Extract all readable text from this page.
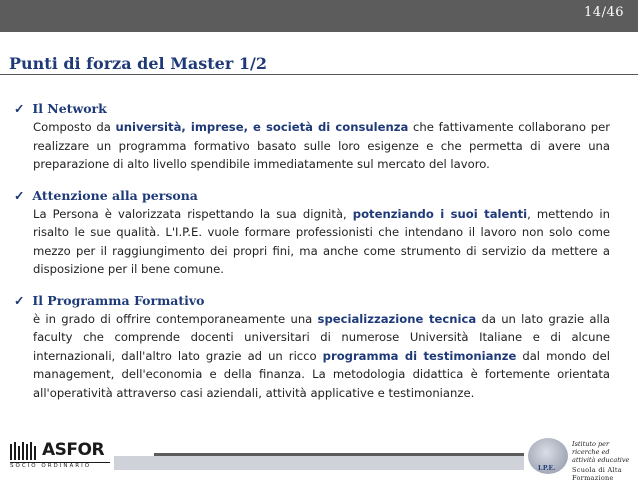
14/46
Punti di forza del Master 1/2
✓ Il Network
Composto da università, imprese, e società di consulenza che fattivamente collaborano per realizzare un programma formativo basato sulle loro esigenze e che permetta di avere una preparazione di alto livello spendibile immediatamente sul mercato del lavoro.
✓ Attenzione alla persona
La Persona è valorizzata rispettando la sua dignità, potenziando i suoi talenti, mettendo in risalto le sue qualità. L'I.P.E. vuole formare professionisti che intendano il lavoro non solo come mezzo per il raggiungimento dei propri fini, ma anche come strumento di servizio da mettere a disposizione per il bene comune.
✓ Il Programma Formativo
è in grado di offrire contemporaneamente una specializzazione tecnica da un lato grazie alla faculty che comprende docenti universitari di numerose Università Italiane e di alcune internazionali, dall'altro lato grazie ad un ricco programma di testimonianze dal mondo del management, dell'economia e della finanza. La metodologia didattica è fortemente orientata all'operatività attraverso casi aziendali, attività applicative e testimonianze.
ASFOR
SOCIO ORDINARIO	I.P.E.
Istituto per ricerche ed attività educative
Scuola di Alta Formazione
